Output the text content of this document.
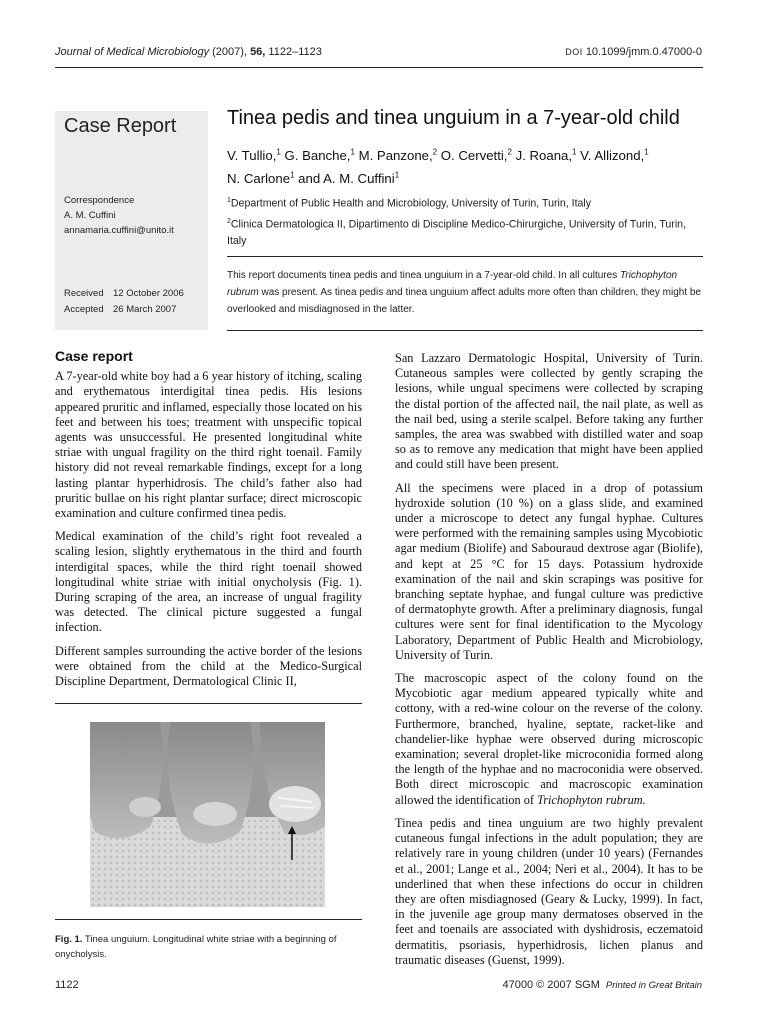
Journal of Medical Microbiology (2007), 56, 1122–1123	DOI 10.1099/jmm.0.47000-0
Case Report
Correspondence
A. M. Cuffini
annamaria.cuffini@unito.it
Received 12 October 2006
Accepted 26 March 2007
Tinea pedis and tinea unguium in a 7-year-old child
V. Tullio,$^1$ G. Banche,$^1$ M. Panzone,$^2$ O. Cervetti,$^2$ J. Roana,$^1$ V. Allizond,$^1$
N. Carlone$^1$ and A. M. Cuffini$^1$
$^1$Department of Public Health and Microbiology, University of Turin, Turin, Italy
$^2$Clinica Dermatologica II, Dipartimento di Discipline Medico-Chirurgiche, University of Turin, Turin, Italy
This report documents tinea pedis and tinea unguium in a 7-year-old child. In all cultures Trichophyton rubrum was present. As tinea pedis and tinea unguium affect adults more often than children, they might be overlooked and misdiagnosed in the latter.
Case report

A 7-year-old white boy had a 6 year history of itching, scaling and erythematous interdigital tinea pedis. His lesions appeared pruritic and inflamed, especially those located on his feet and between his toes; treatment with unspecific topical agents was unsuccessful. He presented longitudinal white striae with ungual fragility on the third right toenail. Family history did not reveal remarkable findings, except for a long lasting plantar hyperhidrosis. The child’s father also had pruritic bullae on his right plantar surface; direct microscopic examination and culture confirmed tinea pedis.

Medical examination of the child’s right foot revealed a scaling lesion, slightly erythematous in the third and fourth interdigital spaces, while the third right toenail showed longitudinal white striae with initial onycholysis (Fig. 1). During scraping of the area, an increase of ungual fragility was detected. The clinical picture suggested a fungal infection.

Different samples surrounding the active border of the lesions were obtained from the child at the Medico-Surgical Discipline Department, Dermatological Clinic II,

Fig. 1. Tinea unguium. Longitudinal white striae with a beginning of onycholysis.

San Lazzaro Dermatologic Hospital, University of Turin. Cutaneous samples were collected by gently scraping the lesions, while ungual specimens were collected by scraping the distal portion of the affected nail, the nail plate, as well as the nail bed, using a sterile scalpel. Before taking any further samples, the area was swabbed with distilled water and soap so as to remove any medication that might have been applied and could still have been present.

All the specimens were placed in a drop of potassium hydroxide solution (10 %) on a glass slide, and examined under a microscope to detect any fungal hyphae. Cultures were performed with the remaining samples using Mycobiotic agar medium (Biolife) and Sabouraud dextrose agar (Biolife), and kept at 25 °C for 15 days. Potassium hydroxide examination of the nail and skin scrapings was positive for branching septate hyphae, and fungal culture was predictive of dermatophyte growth. After a preliminary diagnosis, fungal cultures were sent for final identification to the Mycology Laboratory, Department of Public Health and Microbiology, University of Turin.

The macroscopic aspect of the colony found on the Mycobiotic agar medium appeared typically white and cottony, with a red-wine colour on the reverse of the colony. Furthermore, branched, hyaline, septate, racket-like and chandelier-like hyphae were observed during microscopic examination; several droplet-like microconidia formed along the length of the hyphae and no macroconidia were observed. Both direct microscopic and macroscopic examination allowed the identification of Trichophyton rubrum.

Tinea pedis and tinea unguium are two highly prevalent cutaneous fungal infections in the adult population; they are relatively rare in young children (under 10 years) (Fernandes et al., 2001; Lange et al., 2004; Neri et al., 2004). It has to be underlined that when these infections do occur in children they are often misdiagnosed (Geary & Lucky, 1999). In fact, in the juvenile age group many dermatoses observed in the feet and toenails are associated with dyshidrosis, eczematoid dermatitis, psoriasis, hyperhidrosis, lichen planus and traumatic diseases (Guenst, 1999).

1122	47000 © 2007 SGM Printed in Great Britain
